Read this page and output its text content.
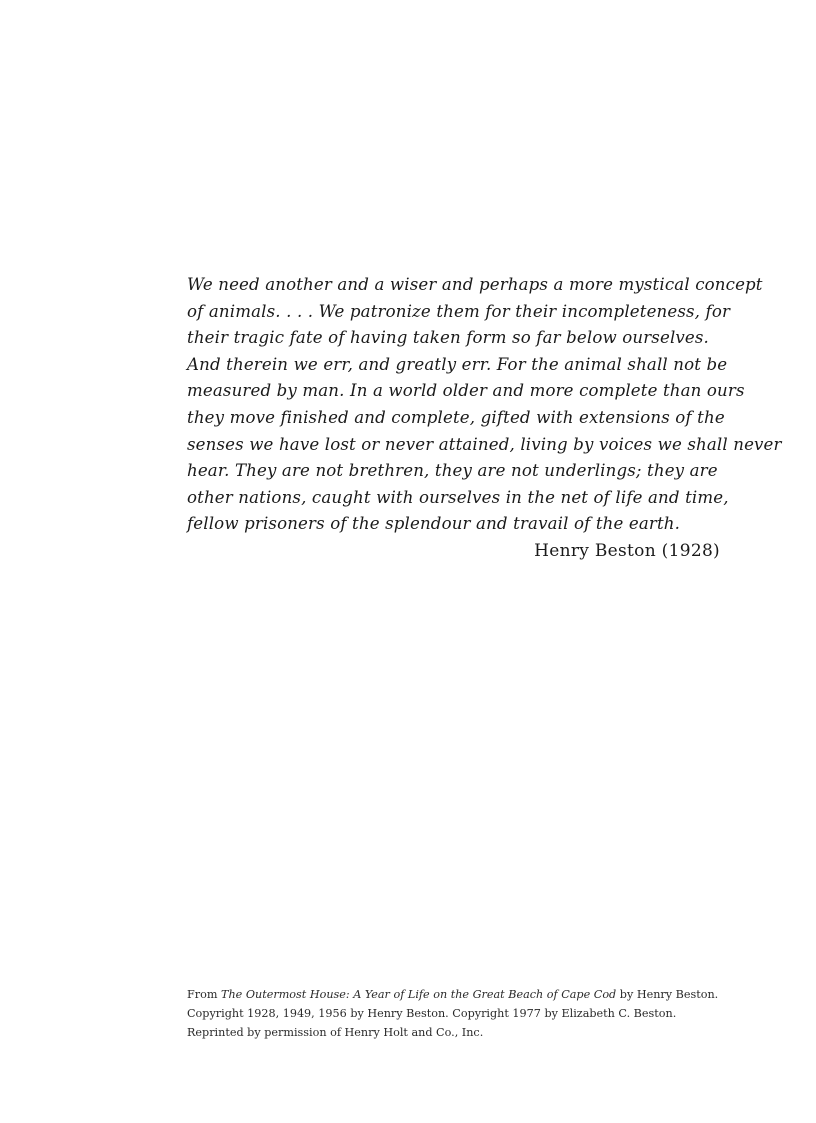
We need another and a wiser and perhaps a more mystical concept
of animals. . . . We patronize them for their incompleteness, for
their tragic fate of having taken form so far below ourselves.
And therein we err, and greatly err. For the animal shall not be
measured by man. In a world older and more complete than ours
they move finished and complete, gifted with extensions of the
senses we have lost or never attained, living by voices we shall never
hear. They are not brethren, they are not underlings; they are
other nations, caught with ourselves in the net of life and time,
fellow prisoners of the splendour and travail of the earth.
Henry Beston (1928)
From The Outermost House: A Year of Life on the Great Beach of Cape Cod by Henry Beston.
Copyright 1928, 1949, 1956 by Henry Beston. Copyright 1977 by Elizabeth C. Beston.
Reprinted by permission of Henry Holt and Co., Inc.
